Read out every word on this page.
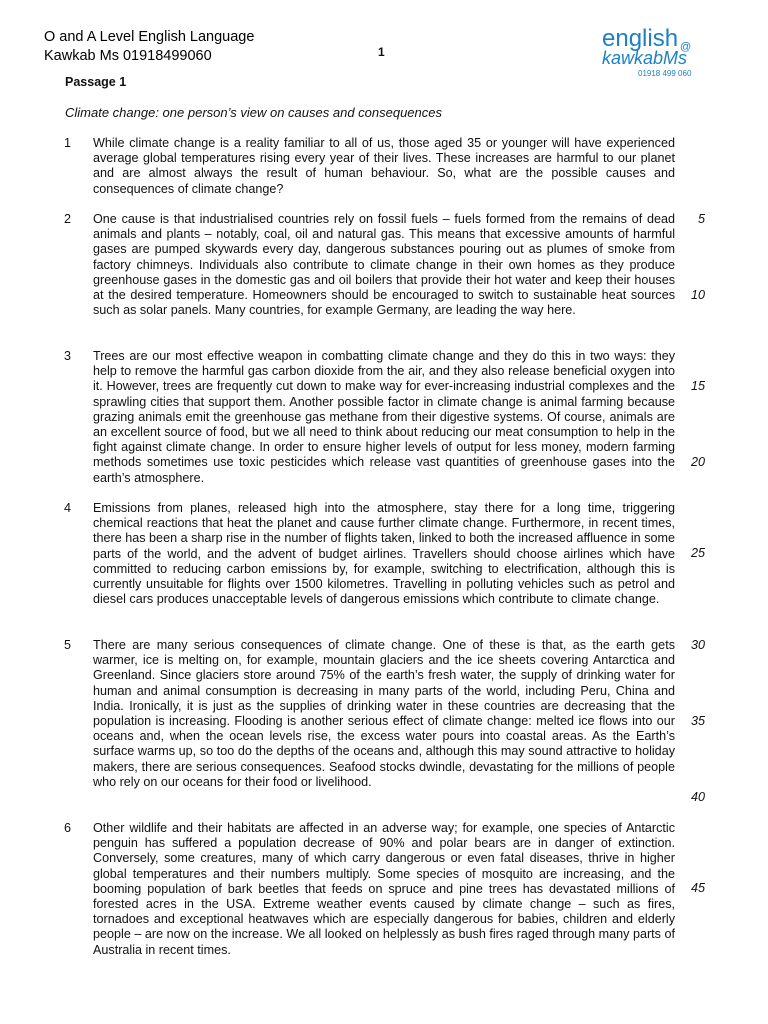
O and A Level English Language
Kawkab Ms 01918499060	1	english @
kawkabMs
01918 499 060
Passage 1
Climate change: one person’s view on causes and consequences
1
2
3
4
5
6
While climate change is a reality familiar to all of us, those aged 35 or younger will have experienced average global temperatures rising every year of their lives. These increases are harmful to our planet and are almost always the result of human behaviour. So, what are the possible causes and consequences of climate change?
One cause is that industrialised countries rely on fossil fuels – fuels formed from the remains of dead animals and plants – notably, coal, oil and natural gas. This means that excessive amounts of harmful gases are pumped skywards every day, dangerous substances pouring out as plumes of smoke from factory chimneys. Individuals also contribute to climate change in their own homes as they produce greenhouse gases in the domestic gas and oil boilers that provide their hot water and keep their houses at the desired temperature. Homeowners should be encouraged to switch to sustainable heat sources such as solar panels. Many countries, for example Germany, are leading the way here.
Trees are our most effective weapon in combatting climate change and they do this in two ways: they help to remove the harmful gas carbon dioxide from the air, and they also release beneficial oxygen into it. However, trees are frequently cut down to make way for ever-increasing industrial complexes and the sprawling cities that support them. Another possible factor in climate change is animal farming because grazing animals emit the greenhouse gas methane from their digestive systems. Of course, animals are an excellent source of food, but we all need to think about reducing our meat consumption to help in the fight against climate change. In order to ensure higher levels of output for less money, modern farming methods sometimes use toxic pesticides which release vast quantities of greenhouse gases into the earth’s atmosphere.
Emissions from planes, released high into the atmosphere, stay there for a long time, triggering chemical reactions that heat the planet and cause further climate change. Furthermore, in recent times, there has been a sharp rise in the number of flights taken, linked to both the increased affluence in some parts of the world, and the advent of budget airlines. Travellers should choose airlines which have committed to reducing carbon emissions by, for example, switching to electrification, although this is currently unsuitable for flights over 1500 kilometres. Travelling in polluting vehicles such as petrol and diesel cars produces unacceptable levels of dangerous emissions which contribute to climate change.
There are many serious consequences of climate change. One of these is that, as the earth gets warmer, ice is melting on, for example, mountain glaciers and the ice sheets covering Antarctica and Greenland. Since glaciers store around 75% of the earth’s fresh water, the supply of drinking water for human and animal consumption is decreasing in many parts of the world, including Peru, China and India. Ironically, it is just as the supplies of drinking water in these countries are decreasing that the population is increasing. Flooding is another serious effect of climate change: melted ice flows into our oceans and, when the ocean levels rise, the excess water pours into coastal areas. As the Earth’s surface warms up, so too do the depths of the oceans and, although this may sound attractive to holiday makers, there are serious consequences. Seafood stocks dwindle, devastating for the millions of people who rely on our oceans for their food or livelihood.
Other wildlife and their habitats are affected in an adverse way; for example, one species of Antarctic penguin has suffered a population decrease of 90% and polar bears are in danger of extinction. Conversely, some creatures, many of which carry dangerous or even fatal diseases, thrive in higher global temperatures and their numbers multiply. Some species of mosquito are increasing, and the booming population of bark beetles that feeds on spruce and pine trees has devastated millions of forested acres in the USA. Extreme weather events caused by climate change – such as fires, tornadoes and exceptional heatwaves which are especially dangerous for babies, children and elderly people – are now on the increase. We all looked on helplessly as bush fires raged through many parts of Australia in recent times.
5
10
15
20
25
30
35
40
45
